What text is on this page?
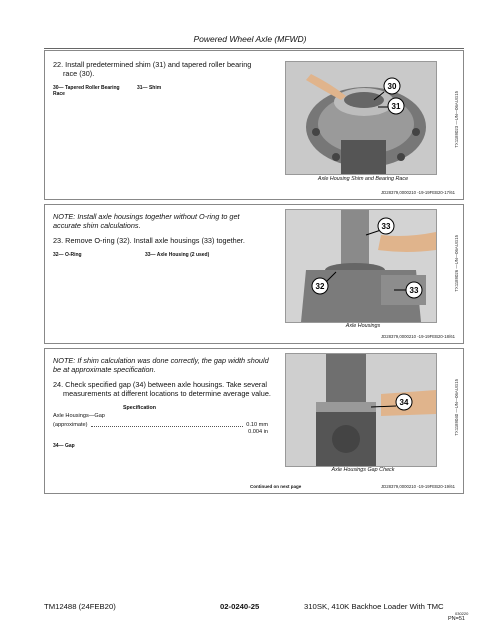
Powered Wheel Axle (MFWD)
22. Install predetermined shim (31) and tapered roller bearing race (30).
30— Tapered Roller Bearing Race
31— Shim	30
31
Axle Housing Shim and Bearing Race
TX1189023 —UN—06AUG15
JD28379,0000210 -19-19FEB20-17/61
NOTE: Install axle housings together without O-ring to get accurate shim calculations.
23. Remove O-ring (32). Install axle housings (33) together.
32— O-Ring	33— Axle Housing (2 used)
33
32	33
Axle Housings
TX1189026 —UN—06AUG15
JD28379,0000210 -19-19FEB20-18/61
NOTE: If shim calculation was done correctly, the gap width should be at approximate specification.
24. Check specified gap (34) between axle housings. Take several measurements at different locations to determine average value.
Specification
Axle Housings—Gap
(approximate)	0.10 mm
0.004 in
34— Gap
34
Axle Housings Gap Check
TX1189040 —UN—06AUG15
Continued on next page	JD28379,0000210 -19-19FEB20-19/61
TM12488 (24FEB20)	02-0240-25	310SK, 410K Backhoe Loader With TMC
030220
PN=51
